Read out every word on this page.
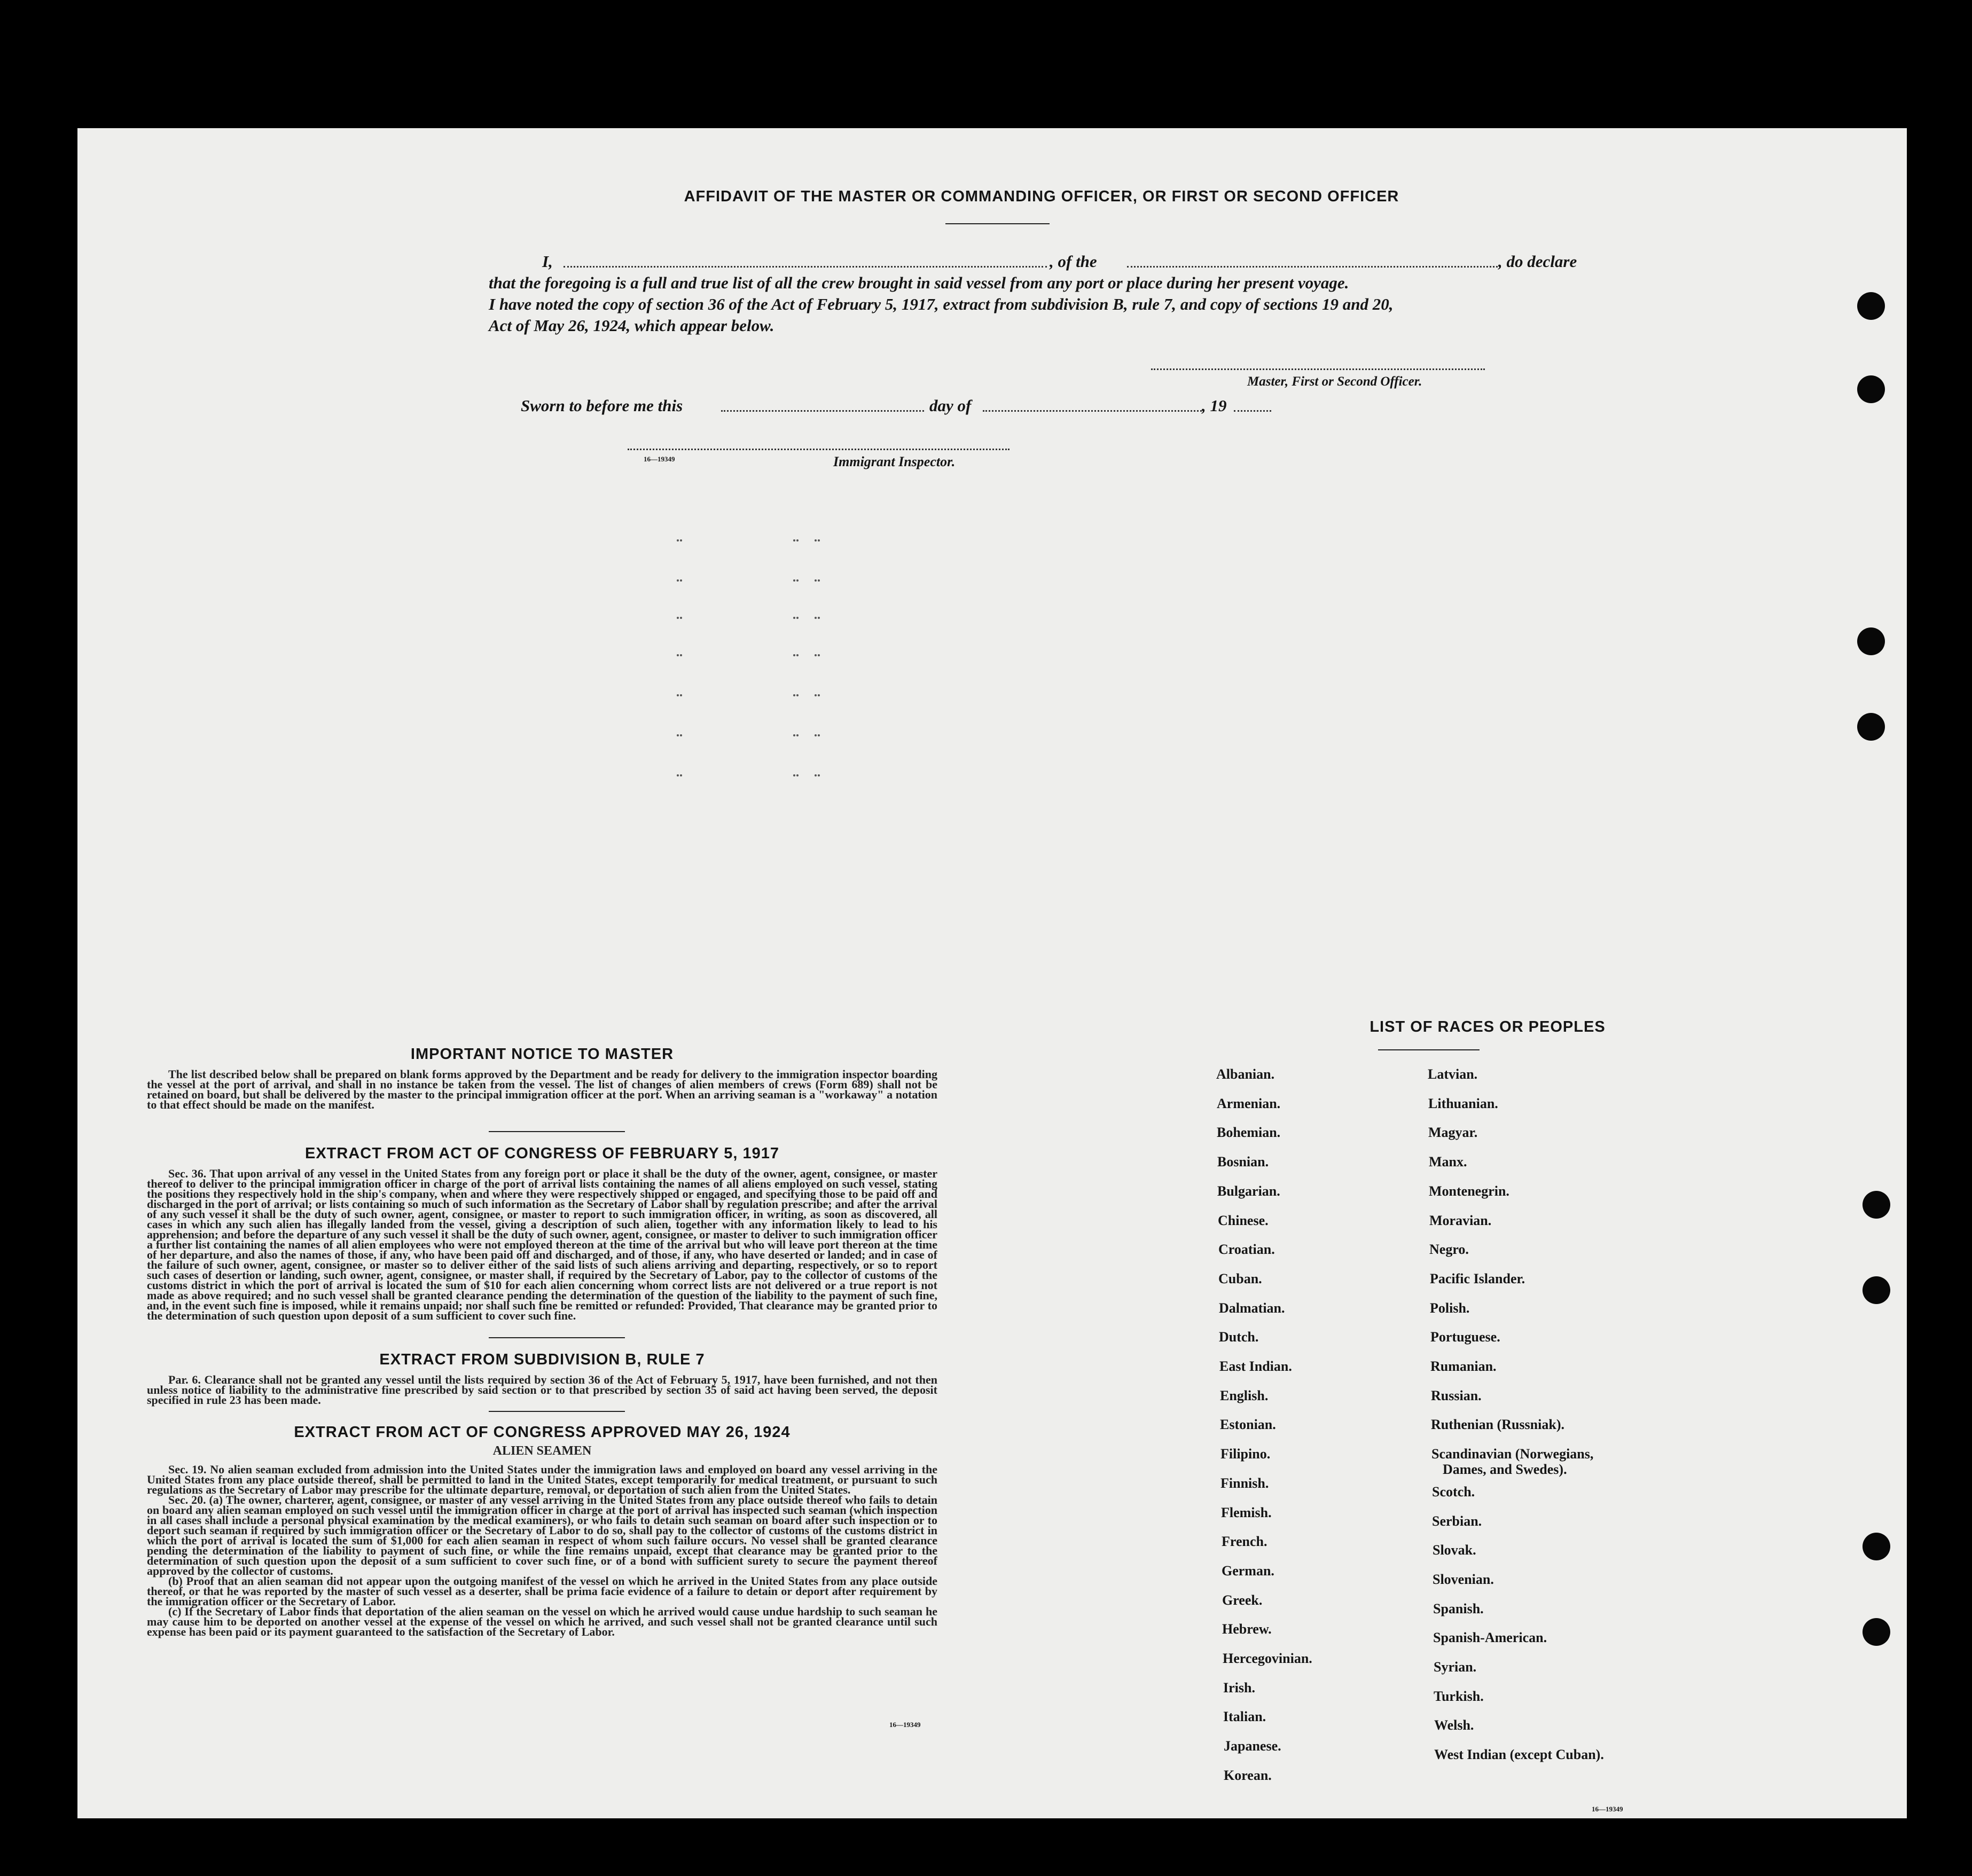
AFFIDAVIT OF THE MASTER OR COMMANDING OFFICER, OR FIRST OR SECOND OFFICER
I,	, of the	, do declare
that the foregoing is a full and true list of all the crew brought in said vessel from any port or place during her present voyage.
I have noted the copy of section 36 of the Act of February 5, 1917, extract from subdivision B, rule 7, and copy of sections 19 and 20,
Act of May 26, 1924, which appear below.
Master, First or Second Officer.
Sworn to before me this	day of	, 19
16—19349	Immigrant Inspector.
IMPORTANT NOTICE TO MASTER
The list described below shall be prepared on blank forms approved by the Department and be ready for delivery to the immigration inspector boarding the vessel at the port of arrival, and shall in no instance be taken from the vessel. The list of changes of alien members of crews (Form 689) shall not be retained on board, but shall be delivered by the master to the principal immigration officer at the port. When an arriving seaman is a "workaway" a notation to that effect should be made on the manifest.
EXTRACT FROM ACT OF CONGRESS OF FEBRUARY 5, 1917
Sec. 36. That upon arrival of any vessel in the United States from any foreign port or place it shall be the duty of the owner, agent, consignee, or master thereof to deliver to the principal immigration officer in charge of the port of arrival lists containing the names of all aliens employed on such vessel, stating the positions they respectively hold in the ship's company, when and where they were respectively shipped or engaged, and specifying those to be paid off and discharged in the port of arrival; or lists containing so much of such information as the Secretary of Labor shall by regulation prescribe; and after the arrival of any such vessel it shall be the duty of such owner, agent, consignee, or master to report to such immigration officer, in writing, as soon as discovered, all cases in which any such alien has illegally landed from the vessel, giving a description of such alien, together with any information likely to lead to his apprehension; and before the departure of any such vessel it shall be the duty of such owner, agent, consignee, or master to deliver to such immigration officer a further list containing the names of all alien employees who were not employed thereon at the time of the arrival but who will leave port thereon at the time of her departure, and also the names of those, if any, who have been paid off and discharged, and of those, if any, who have deserted or landed; and in case of the failure of such owner, agent, consignee, or master so to deliver either of the said lists of such aliens arriving and departing, respectively, or so to report such cases of desertion or landing, such owner, agent, consignee, or master shall, if required by the Secretary of Labor, pay to the collector of customs of the customs district in which the port of arrival is located the sum of $10 for each alien concerning whom correct lists are not delivered or a true report is not made as above required; and no such vessel shall be granted clearance pending the determination of the question of the liability to the payment of such fine, and, in the event such fine is imposed, while it remains unpaid; nor shall such fine be remitted or refunded: Provided, That clearance may be granted prior to the determination of such question upon deposit of a sum sufficient to cover such fine.
EXTRACT FROM SUBDIVISION B, RULE 7
Par. 6. Clearance shall not be granted any vessel until the lists required by section 36 of the Act of February 5, 1917, have been furnished, and not then unless notice of liability to the administrative fine prescribed by said section or to that prescribed by section 35 of said act having been served, the deposit specified in rule 23 has been made.
EXTRACT FROM ACT OF CONGRESS APPROVED MAY 26, 1924
ALIEN SEAMEN
Sec. 19. No alien seaman excluded from admission into the United States under the immigration laws and employed on board any vessel arriving in the United States from any place outside thereof, shall be permitted to land in the United States, except temporarily for medical treatment, or pursuant to such regulations as the Secretary of Labor may prescribe for the ultimate departure, removal, or deportation of such alien from the United States.
Sec. 20. (a) The owner, charterer, agent, consignee, or master of any vessel arriving in the United States from any place outside thereof who fails to detain on board any alien seaman employed on such vessel until the immigration officer in charge at the port of arrival has inspected such seaman (which inspection in all cases shall include a personal physical examination by the medical examiners), or who fails to detain such seaman on board after such inspection or to deport such seaman if required by such immigration officer or the Secretary of Labor to do so, shall pay to the collector of customs of the customs district in which the port of arrival is located the sum of $1,000 for each alien seaman in respect of whom such failure occurs. No vessel shall be granted clearance pending the determination of the liability to payment of such fine, or while the fine remains unpaid, except that clearance may be granted prior to the determination of such question upon the deposit of a sum sufficient to cover such fine, or of a bond with sufficient surety to secure the payment thereof approved by the collector of customs.
(b) Proof that an alien seaman did not appear upon the outgoing manifest of the vessel on which he arrived in the United States from any place outside thereof, or that he was reported by the master of such vessel as a deserter, shall be prima facie evidence of a failure to detain or deport after requirement by the immigration officer or the Secretary of Labor.
(c) If the Secretary of Labor finds that deportation of the alien seaman on the vessel on which he arrived would cause undue hardship to such seaman he may cause him to be deported on another vessel at the expense of the vessel on which he arrived, and such vessel shall not be granted clearance until such expense has been paid or its payment guaranteed to the satisfaction of the Secretary of Labor.
16—19349
LIST OF RACES OR PEOPLES
Albanian.
Armenian.
Bohemian.
Bosnian.
Bulgarian.
Chinese.
Croatian.
Cuban.
Dalmatian.
Dutch.
East Indian.
English.
Estonian.
Filipino.
Finnish.
Flemish.
French.
German.
Greek.
Hebrew.
Hercegovinian.
Irish.
Italian.
Japanese.
Korean.
Latvian.
Lithuanian.
Magyar.
Manx.
Montenegrin.
Moravian.
Negro.
Pacific Islander.
Polish.
Portuguese.
Rumanian.
Russian.
Ruthenian (Russniak).
Scandinavian (Norwegians,
Dames, and Swedes).
Scotch.
Serbian.
Slovak.
Slovenian.
Spanish.
Spanish-American.
Syrian.
Turkish.
Welsh.
West Indian (except Cuban).
16—19349
